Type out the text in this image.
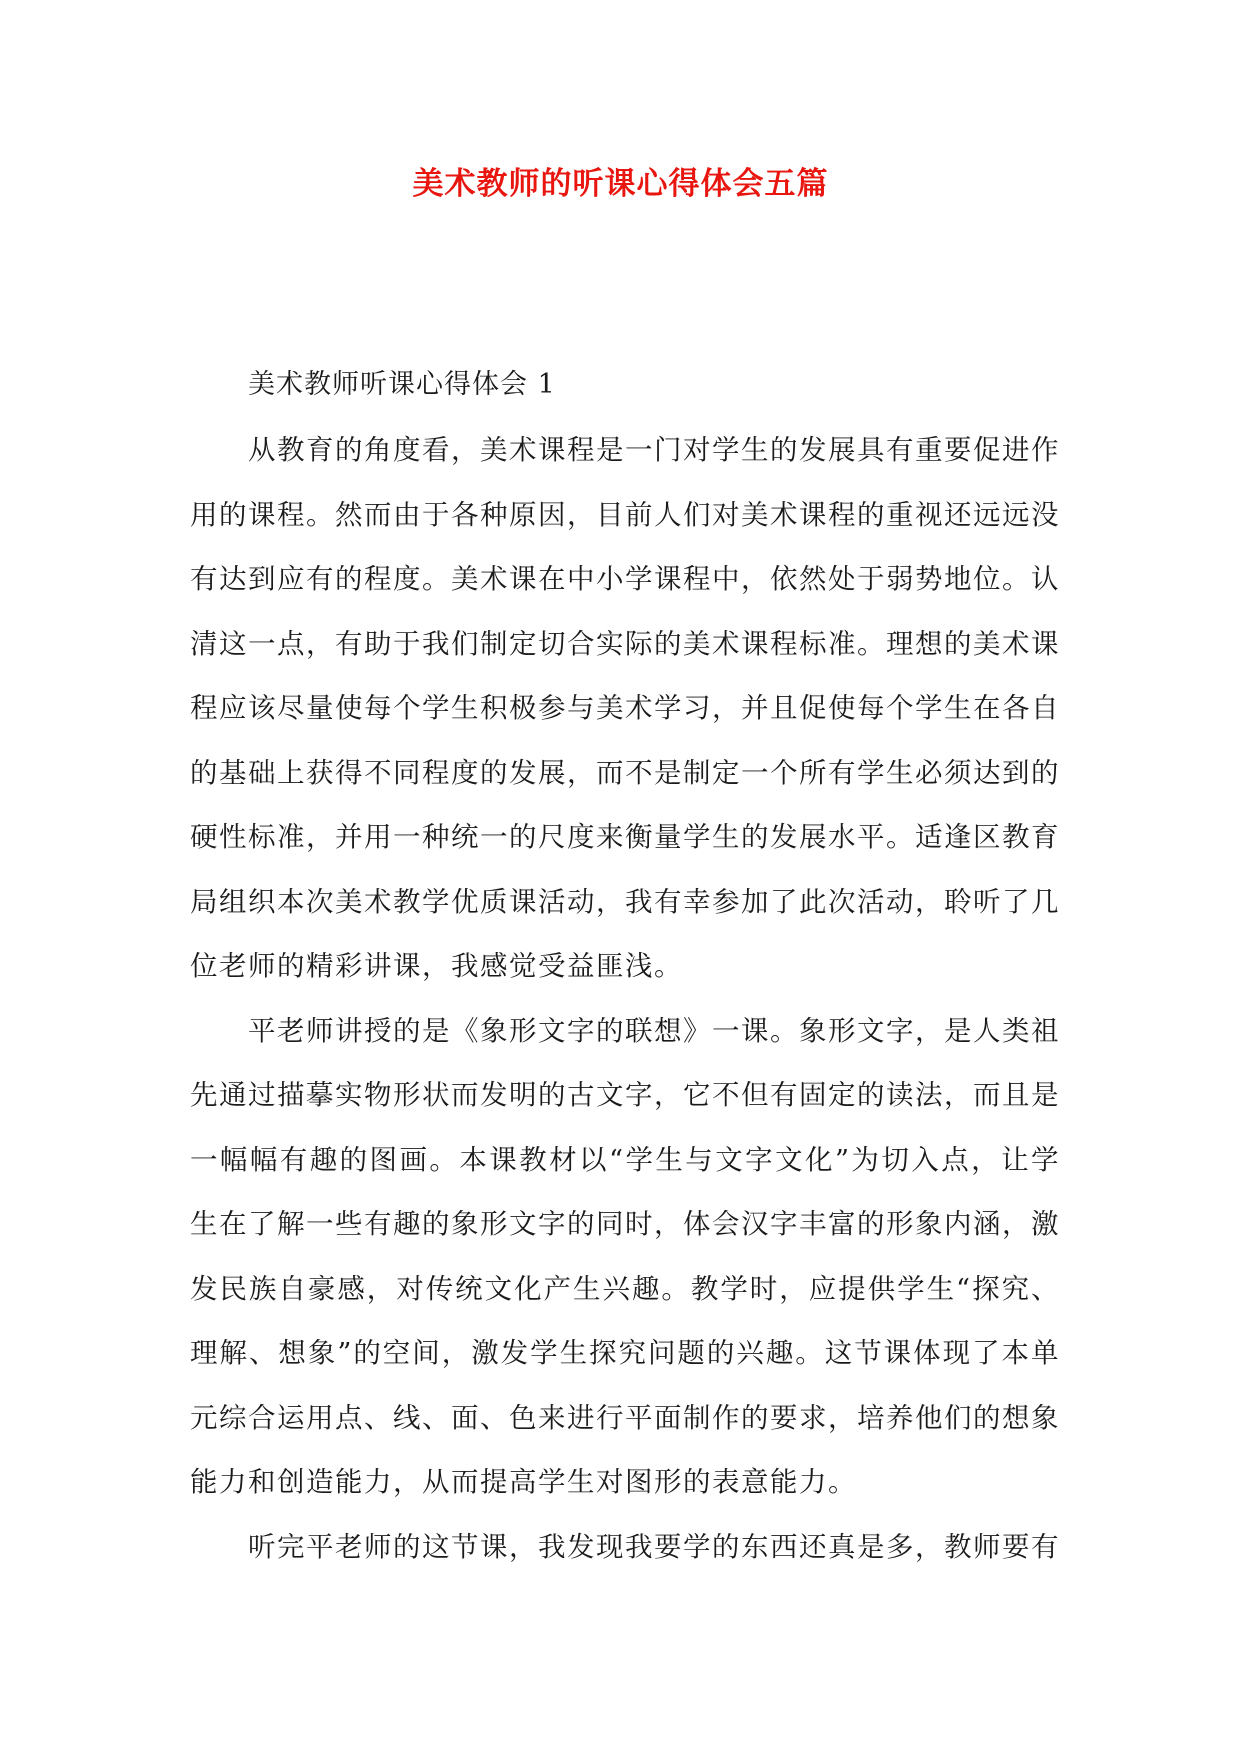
美术教师的听课心得体会五篇
美术教师听课心得体会 1

从教育的角度看，美术课程是一门对学生的发展具有重要促进作用的课程。然而由于各种原因，目前人们对美术课程的重视还远远没有达到应有的程度。美术课在中小学课程中，依然处于弱势地位。认清这一点，有助于我们制定切合实际的美术课程标准。理想的美术课程应该尽量使每个学生积极参与美术学习，并且促使每个学生在各自的基础上获得不同程度的发展，而不是制定一个所有学生必须达到的硬性标准，并用一种统一的尺度来衡量学生的发展水平。适逢区教育局组织本次美术教学优质课活动，我有幸参加了此次活动，聆听了几位老师的精彩讲课，我感觉受益匪浅。

平老师讲授的是《象形文字的联想》一课。象形文字，是人类祖先通过描摹实物形状而发明的古文字，它不但有固定的读法，而且是一幅幅有趣的图画。本课教材以“学生与文字文化”为切入点，让学生在了解一些有趣的象形文字的同时，体会汉字丰富的形象内涵，激发民族自豪感，对传统文化产生兴趣。教学时，应提供学生“探究、理解、想象”的空间，激发学生探究问题的兴趣。这节课体现了本单元综合运用点、线、面、色来进行平面制作的要求，培养他们的想象能力和创造能力，从而提高学生对图形的表意能力。

听完平老师的这节课，我发现我要学的东西还真是多，教师要有
